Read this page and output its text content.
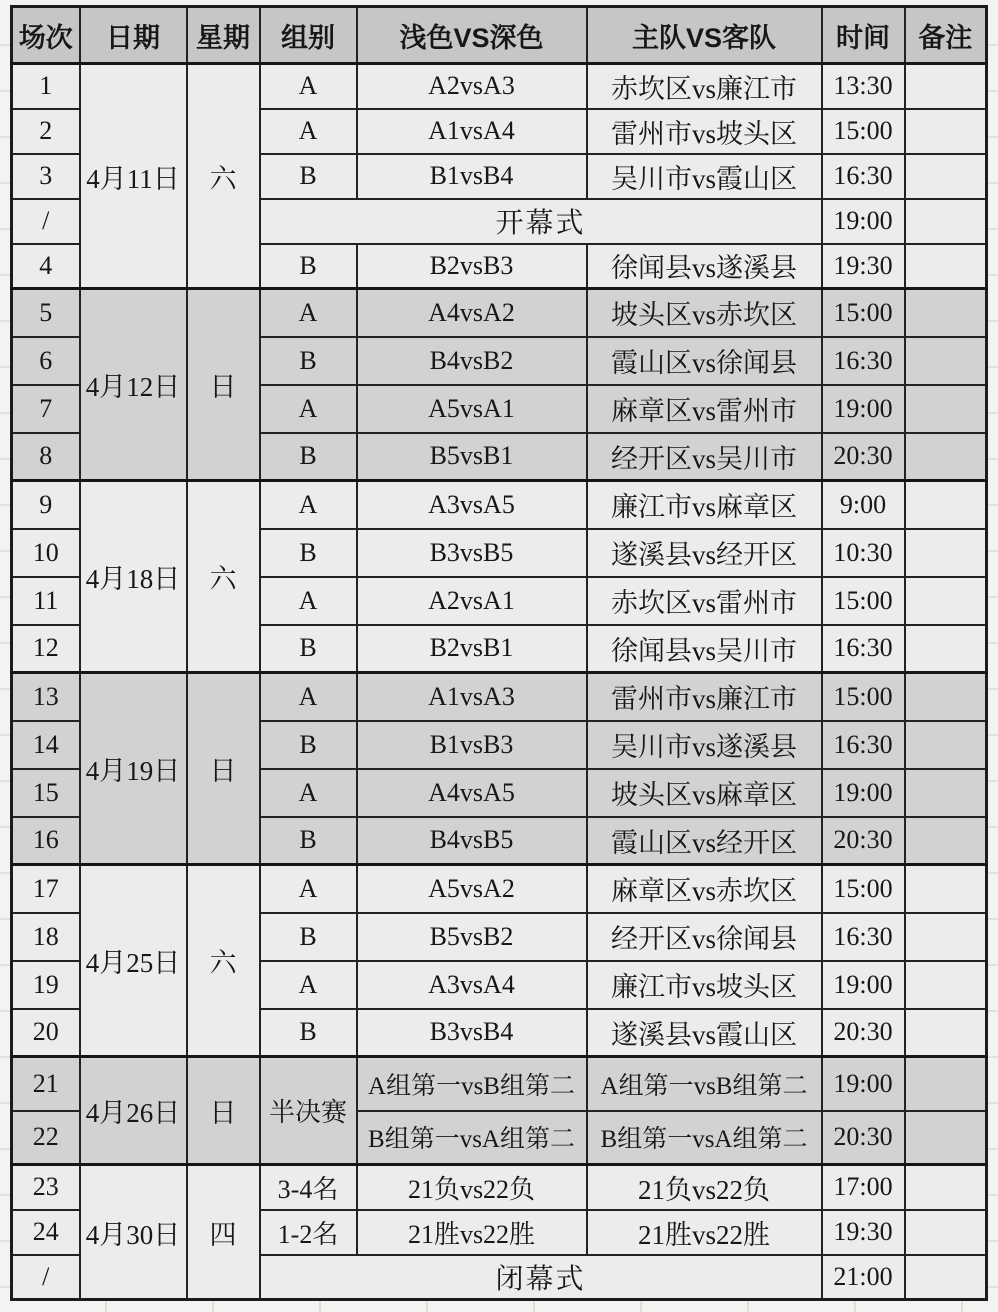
场次	日期	星期	组别	浅色VS深色	主队VS客队	时间	备注
1	4月11日	六	A	A2vsA3	赤坎区vs廉江市	13:30	
2			A	A1vsA4	雷州市vs坡头区	15:00	
3			B	B1vsB4	吴川市vs霞山区	16:30	
/			开幕式			19:00	
4			B	B2vsB3	徐闻县vs遂溪县	19:30	
5	4月12日	日	A	A4vsA2	坡头区vs赤坎区	15:00	
6			B	B4vsB2	霞山区vs徐闻县	16:30	
7			A	A5vsA1	麻章区vs雷州市	19:00	
8			B	B5vsB1	经开区vs吴川市	20:30	
9	4月18日	六	A	A3vsA5	廉江市vs麻章区	9:00	
10			B	B3vsB5	遂溪县vs经开区	10:30	
11			A	A2vsA1	赤坎区vs雷州市	15:00	
12			B	B2vsB1	徐闻县vs吴川市	16:30	
13	4月19日	日	A	A1vsA3	雷州市vs廉江市	15:00	
14			B	B1vsB3	吴川市vs遂溪县	16:30	
15			A	A4vsA5	坡头区vs麻章区	19:00	
16			B	B4vsB5	霞山区vs经开区	20:30	
17	4月25日	六	A	A5vsA2	麻章区vs赤坎区	15:00	
18			B	B5vsB2	经开区vs徐闻县	16:30	
19			A	A3vsA4	廉江市vs坡头区	19:00	
20			B	B3vsB4	遂溪县vs霞山区	20:30	
21	4月26日	日	半决赛	A组第一vsB组第二	A组第一vsB组第二	19:00	
22				B组第一vsA组第二	B组第一vsA组第二	20:30	
23	4月30日	四	3-4名	21负vs22负	21负vs22负	17:00	
24			1-2名	21胜vs22胜	21胜vs22胜	19:30	
/			闭幕式			21:00	
